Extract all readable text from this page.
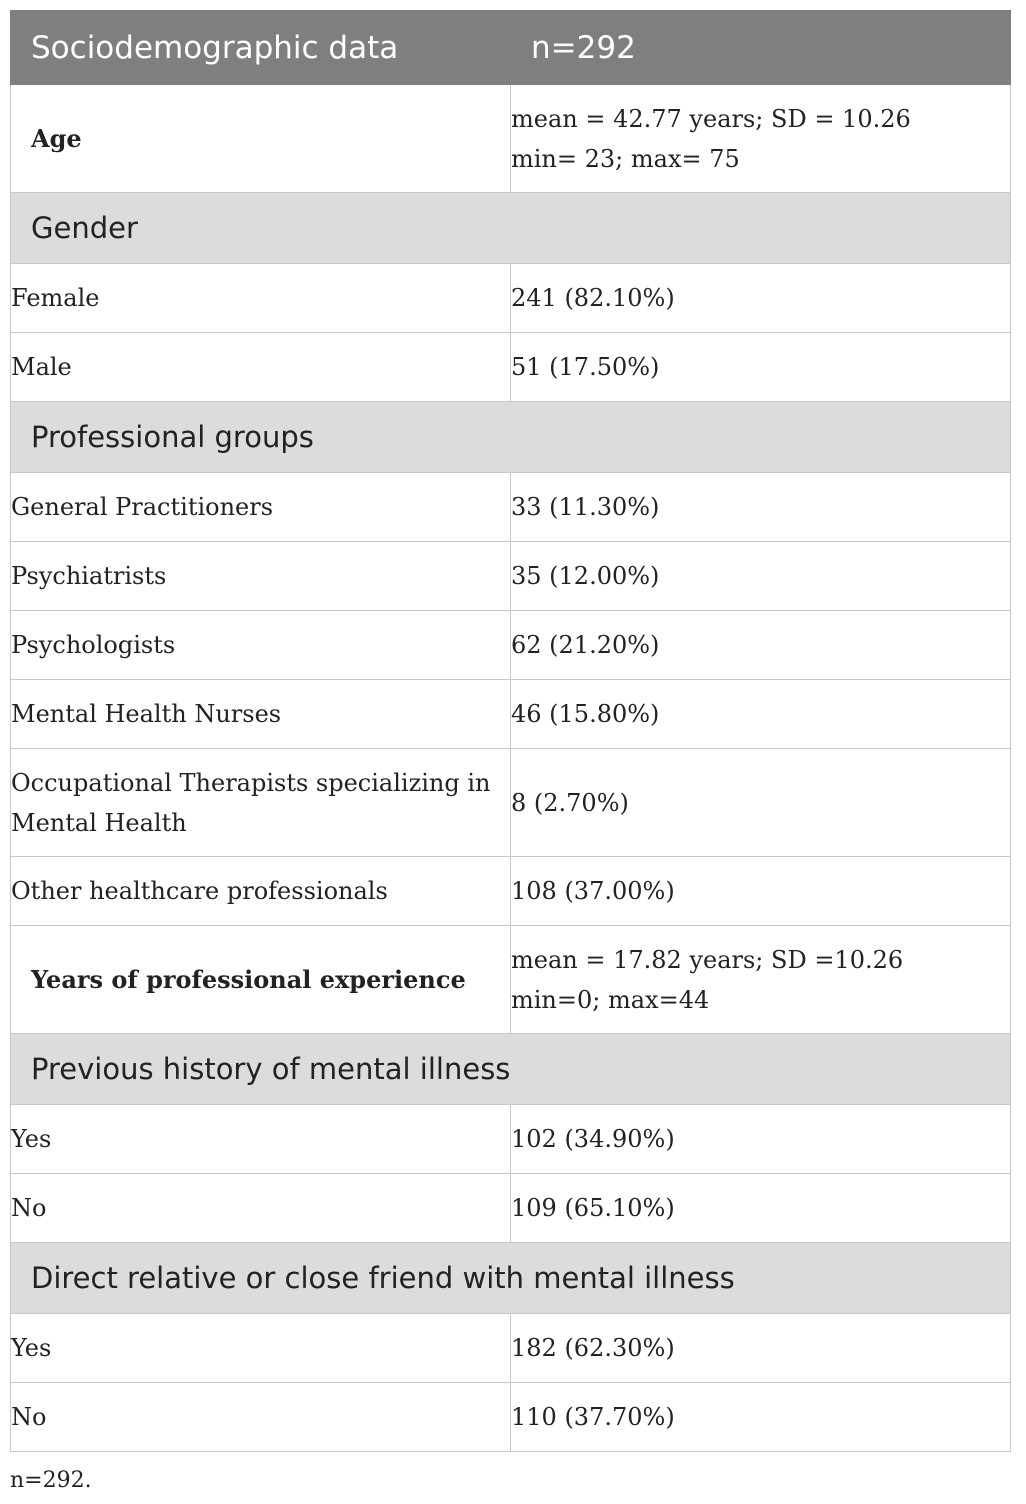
Sociodemographic data	n=292
Age	mean = 42.77 years; SD = 10.26
min= 23; max= 75

Gender	
Female	241 (82.10%)
Male	51 (17.50%)
Professional groups	
General Practitioners	33 (11.30%)
Psychiatrists	35 (12.00%)
Psychologists	62 (21.20%)
Mental Health Nurses	46 (15.80%)
Occupational Therapists specializing in Mental Health	8 (2.70%)
Other healthcare professionals	108 (37.00%)
Years of professional experience	mean = 17.82 years; SD =10.26
min=0; max=44

Previous history of mental illness	
Yes	102 (34.90%)
No	109 (65.10%)
Direct relative or close friend with mental illness	
Yes	182 (62.30%)
No	110 (37.70%)
n=292.
